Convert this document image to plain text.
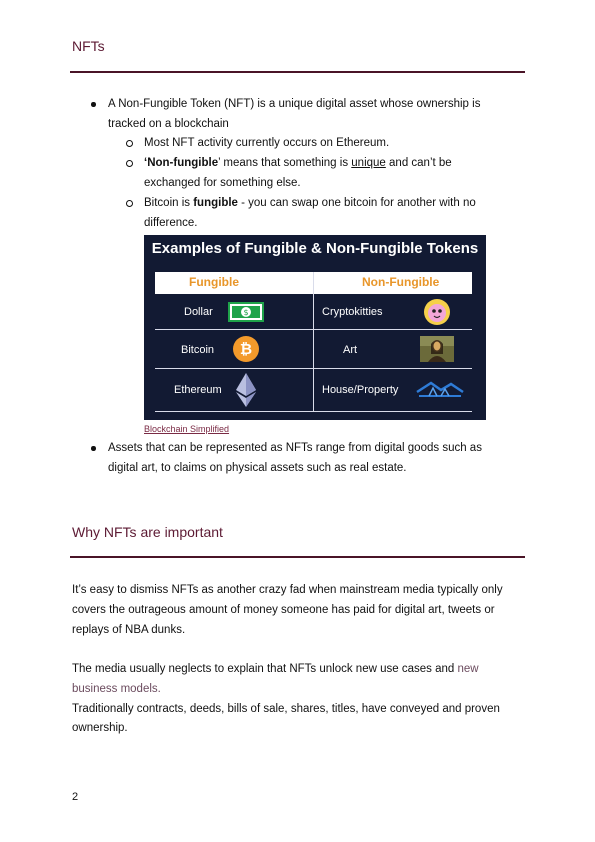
NFTs
A Non-Fungible Token (NFT) is a unique digital asset whose ownership is
tracked on a blockchain
Most NFT activity currently occurs on Ethereum.
‘Non-fungible’ means that something is unique and can’t be
exchanged for something else.
Bitcoin is fungible - you can swap one bitcoin for another with no
difference.
Examples of Fungible & Non-Fungible Tokens
Fungible	Non-Fungible
Dollar	$	Cryptokitties
Bitcoin ₿	Art
Ethereum	House/Property
Blockchain Simplified
Assets that can be represented as NFTs range from digital goods such as
digital art, to claims on physical assets such as real estate.
Why NFTs are important
It’s easy to dismiss NFTs as another crazy fad when mainstream media typically only
covers the outrageous amount of money someone has paid for digital art, tweets or
replays of NBA dunks.
The media usually neglects to explain that NFTs unlock new use cases and new
business models.
Traditionally contracts, deeds, bills of sale, shares, titles, have conveyed and proven
ownership.
2
